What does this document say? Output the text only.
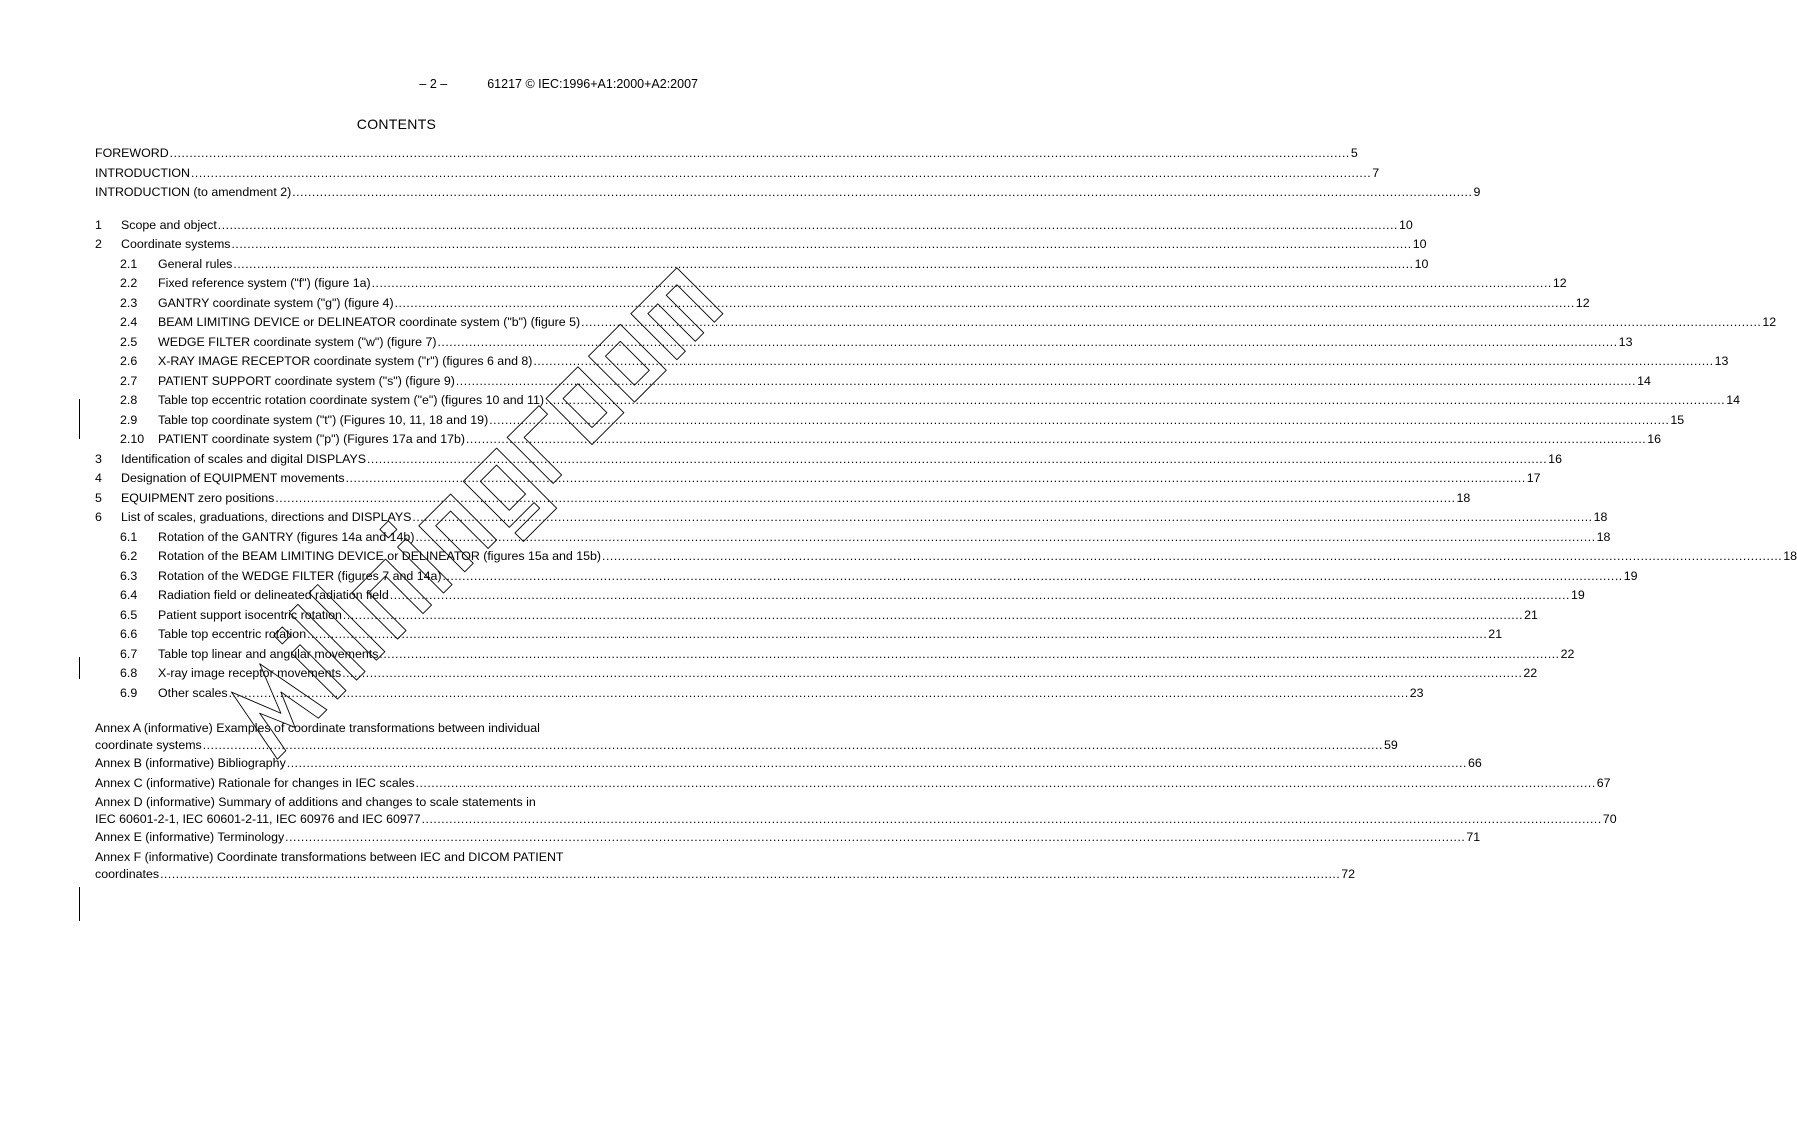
– 2 –	61217 © IEC:1996+A1:2000+A2:2007
CONTENTS
FOREWORD ............................................................................................................................................................................................................................................................................................................ 5
INTRODUCTION ............................................................................................................................................................................................................................................................................................................ 7
INTRODUCTION (to amendment 2) ............................................................................................................................................................................................................................................................................................................ 9
1	Scope and object ............................................................................................................................................................................................................................................................................................................ 10
2	Coordinate systems ............................................................................................................................................................................................................................................................................................................ 10
2.1	General rules ............................................................................................................................................................................................................................................................................................................ 10
2.2	Fixed reference system ("f") (figure 1a) ............................................................................................................................................................................................................................................................................................................ 12
2.3	GANTRY coordinate system ("g") (figure 4) ............................................................................................................................................................................................................................................................................................................ 12
2.4	BEAM LIMITING DEVICE or DELINEATOR coordinate system ("b") (figure 5) ............................................................................................................................................................................................................................................................................................................ 12
2.5	WEDGE FILTER coordinate system ("w") (figure 7) ............................................................................................................................................................................................................................................................................................................ 13
2.6	X-RAY IMAGE RECEPTOR coordinate system ("r") (figures 6 and 8) ............................................................................................................................................................................................................................................................................................................ 13
2.7	PATIENT SUPPORT coordinate system ("s") (figure 9) ............................................................................................................................................................................................................................................................................................................ 14
2.8	Table top eccentric rotation coordinate system ("e") (figures 10 and 11) ............................................................................................................................................................................................................................................................................................................ 14
2.9	Table top coordinate system ("t") (Figures 10, 11, 18 and 19) ............................................................................................................................................................................................................................................................................................................ 15
2.10	PATIENT coordinate system ("p") (Figures 17a and 17b) ............................................................................................................................................................................................................................................................................................................ 16
3	Identification of scales and digital DISPLAYS ............................................................................................................................................................................................................................................................................................................ 16
4	Designation of EQUIPMENT movements ............................................................................................................................................................................................................................................................................................................ 17
5	EQUIPMENT zero positions ............................................................................................................................................................................................................................................................................................................ 18
6	List of scales, graduations, directions and DISPLAYS ............................................................................................................................................................................................................................................................................................................ 18
6.1	Rotation of the GANTRY (figures 14a and 14b) ............................................................................................................................................................................................................................................................................................................ 18
6.2	Rotation of the BEAM LIMITING DEVICE or DELINEATOR (figures 15a and 15b) ............................................................................................................................................................................................................................................................................................................ 18
6.3	Rotation of the WEDGE FILTER (figures 7 and 14a) ............................................................................................................................................................................................................................................................................................................ 19
6.4	Radiation field or delineated radiation field ............................................................................................................................................................................................................................................................................................................ 19
6.5	Patient support isocentric rotation ............................................................................................................................................................................................................................................................................................................ 21
6.6	Table top eccentric rotation ............................................................................................................................................................................................................................................................................................................ 21
6.7	Table top linear and angular movements ............................................................................................................................................................................................................................................................................................................ 22
6.8	X-ray image receptor movements ............................................................................................................................................................................................................................................................................................................ 22
6.9	Other scales ............................................................................................................................................................................................................................................................................................................ 23
Annex A (informative) Examples of coordinate transformations between individual
coordinate systems ............................................................................................................................................................................................................................................................................................................ 59
Annex B (informative) Bibliography ............................................................................................................................................................................................................................................................................................................ 66
Annex C (informative) Rationale for changes in IEC scales ............................................................................................................................................................................................................................................................................................................ 67
Annex D (informative) Summary of additions and changes to scale statements in
IEC 60601-2-1, IEC 60601-2-11, IEC 60976 and IEC 60977 ............................................................................................................................................................................................................................................................................................................ 70
Annex E (informative) Terminology ............................................................................................................................................................................................................................................................................................................ 71
Annex F (informative) Coordinate transformations between IEC and DICOM PATIENT
coordinates ............................................................................................................................................................................................................................................................................................................ 72
